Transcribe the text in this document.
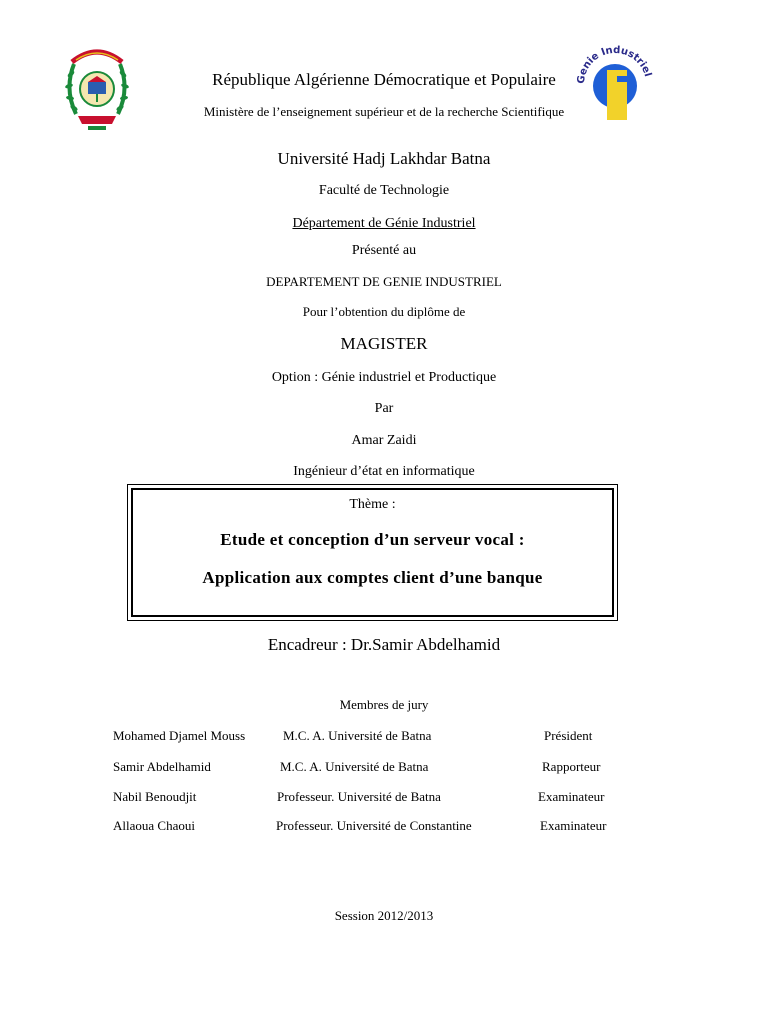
Genie Industriel
République Algérienne Démocratique et Populaire
Ministère de l’enseignement supérieur et de la recherche Scientifique
Université Hadj Lakhdar Batna
Faculté de Technologie
Département de Génie Industriel
Présenté au
DEPARTEMENT DE GENIE INDUSTRIEL
Pour l’obtention du diplôme de
MAGISTER
Option : Génie industriel et Productique
Par
Amar Zaidi
Ingénieur d’état en informatique
Thème :
Etude et conception d’un serveur vocal :
Application aux comptes client d’une banque
Encadreur : Dr.Samir Abdelhamid
Membres de jury
Mohamed Djamel Mouss	M.C. A. Université de Batna	Président
Samir Abdelhamid	M.C. A. Université de Batna	Rapporteur
Nabil Benoudjit	Professeur. Université de Batna	Examinateur
Allaoua Chaoui	Professeur. Université de Constantine	Examinateur
Session 2012/2013
